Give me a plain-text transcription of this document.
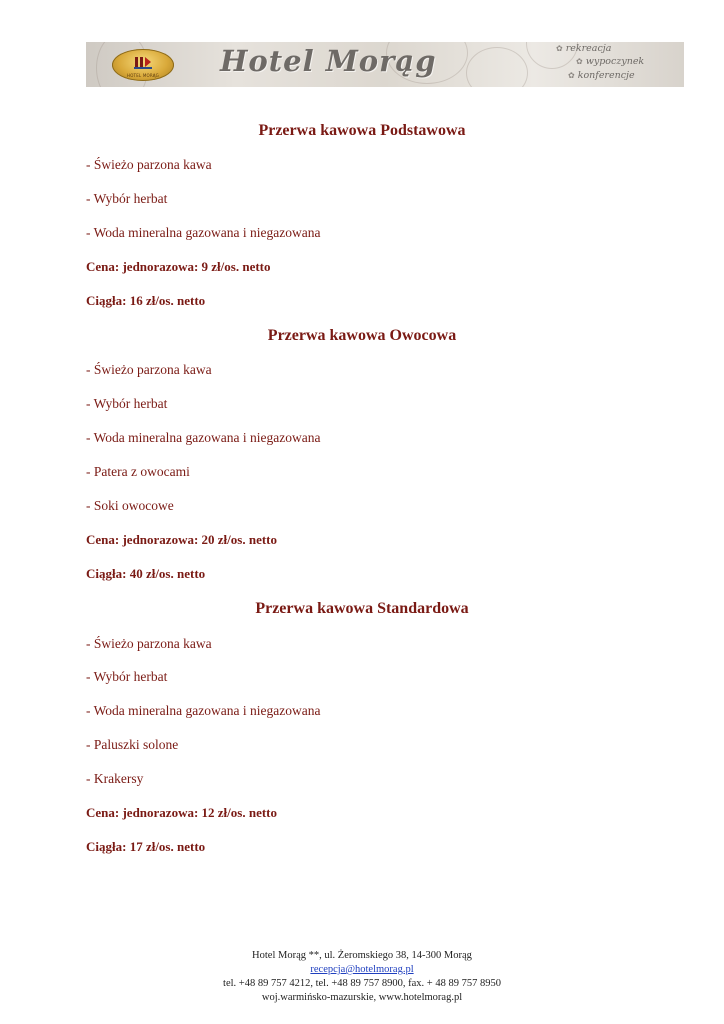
HOTEL MORĄG	Hotel Morąg	✿ rekreacja
✿ wypoczynek
✿ konferencje
Przerwa kawowa Podstawowa
- Świeżo parzona kawa
- Wybór herbat
- Woda mineralna gazowana i niegazowana
Cena: jednorazowa: 9 zł/os. netto
Ciągła: 16 zł/os. netto
Przerwa kawowa Owocowa
- Świeżo parzona kawa
- Wybór herbat
- Woda mineralna gazowana i niegazowana
- Patera z owocami
- Soki owocowe
Cena: jednorazowa: 20 zł/os. netto
Ciągła: 40 zł/os. netto
Przerwa kawowa Standardowa
- Świeżo parzona kawa
- Wybór herbat
- Woda mineralna gazowana i niegazowana
- Paluszki solone
- Krakersy
Cena: jednorazowa: 12 zł/os. netto
Ciągła: 17 zł/os. netto
Hotel Morąg **, ul. Żeromskiego 38, 14-300 Morąg
recepcja@hotelmorag.pl
tel. +48 89 757 4212, tel. +48 89 757 8900, fax. + 48 89 757 8950
woj.warmińsko-mazurskie, www.hotelmorag.pl
